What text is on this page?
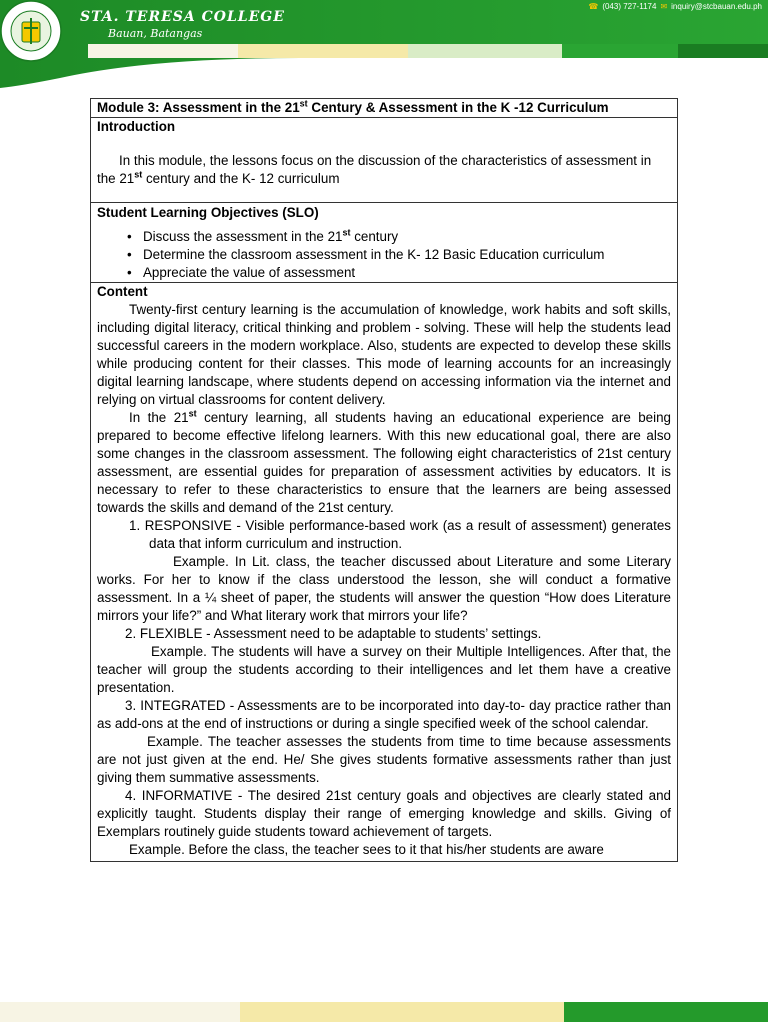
STA. TERESA COLLEGE
Bauan, Batangas
☎ (043) 727-1174 ✉ inquiry@stcbauan.edu.ph
Module 3: Assessment in the 21st Century & Assessment in the K -12 Curriculum

Introduction
In this module, the lessons focus on the discussion of the characteristics of assessment in the 21st century and the K- 12 curriculum

Student Learning Objectives (SLO)
• Discuss the assessment in the 21st century
• Determine the classroom assessment in the K- 12 Basic Education curriculum
• Appreciate the value of assessment

Content
Twenty-first century learning is the accumulation of knowledge, work habits and soft skills, including digital literacy, critical thinking and problem - solving. These will help the students lead successful careers in the modern workplace. Also, students are expected to develop these skills while producing content for their classes. This mode of learning accounts for an increasingly digital learning landscape, where students depend on accessing information via the internet and relying on virtual classrooms for content delivery.
In the 21st century learning, all students having an educational experience are being prepared to become effective lifelong learners. With this new educational goal, there are also some changes in the classroom assessment. The following eight characteristics of 21st century assessment, are essential guides for preparation of assessment activities by educators. It is necessary to refer to these characteristics to ensure that the learners are being assessed towards the skills and demand of the 21st century.
1. RESPONSIVE - Visible performance-based work (as a result of assessment) generates data that inform curriculum and instruction.
Example. In Lit. class, the teacher discussed about Literature and some Literary works. For her to know if the class understood the lesson, she will conduct a formative assessment. In a ¼ sheet of paper, the students will answer the question “How does Literature mirrors your life?” and What literary work that mirrors your life?
2. FLEXIBLE - Assessment need to be adaptable to students’ settings.
Example. The students will have a survey on their Multiple Intelligences. After that, the teacher will group the students according to their intelligences and let them have a creative presentation.
3. INTEGRATED - Assessments are to be incorporated into day-to- day practice rather than as add-ons at the end of instructions or during a single specified week of the school calendar.
Example. The teacher assesses the students from time to time because assessments are not just given at the end. He/ She gives students formative assessments rather than just giving them summative assessments.
4. INFORMATIVE - The desired 21st century goals and objectives are clearly stated and explicitly taught. Students display their range of emerging knowledge and skills. Giving of Exemplars routinely guide students toward achievement of targets.
Example. Before the class, the teacher sees to it that his/her students are aware
